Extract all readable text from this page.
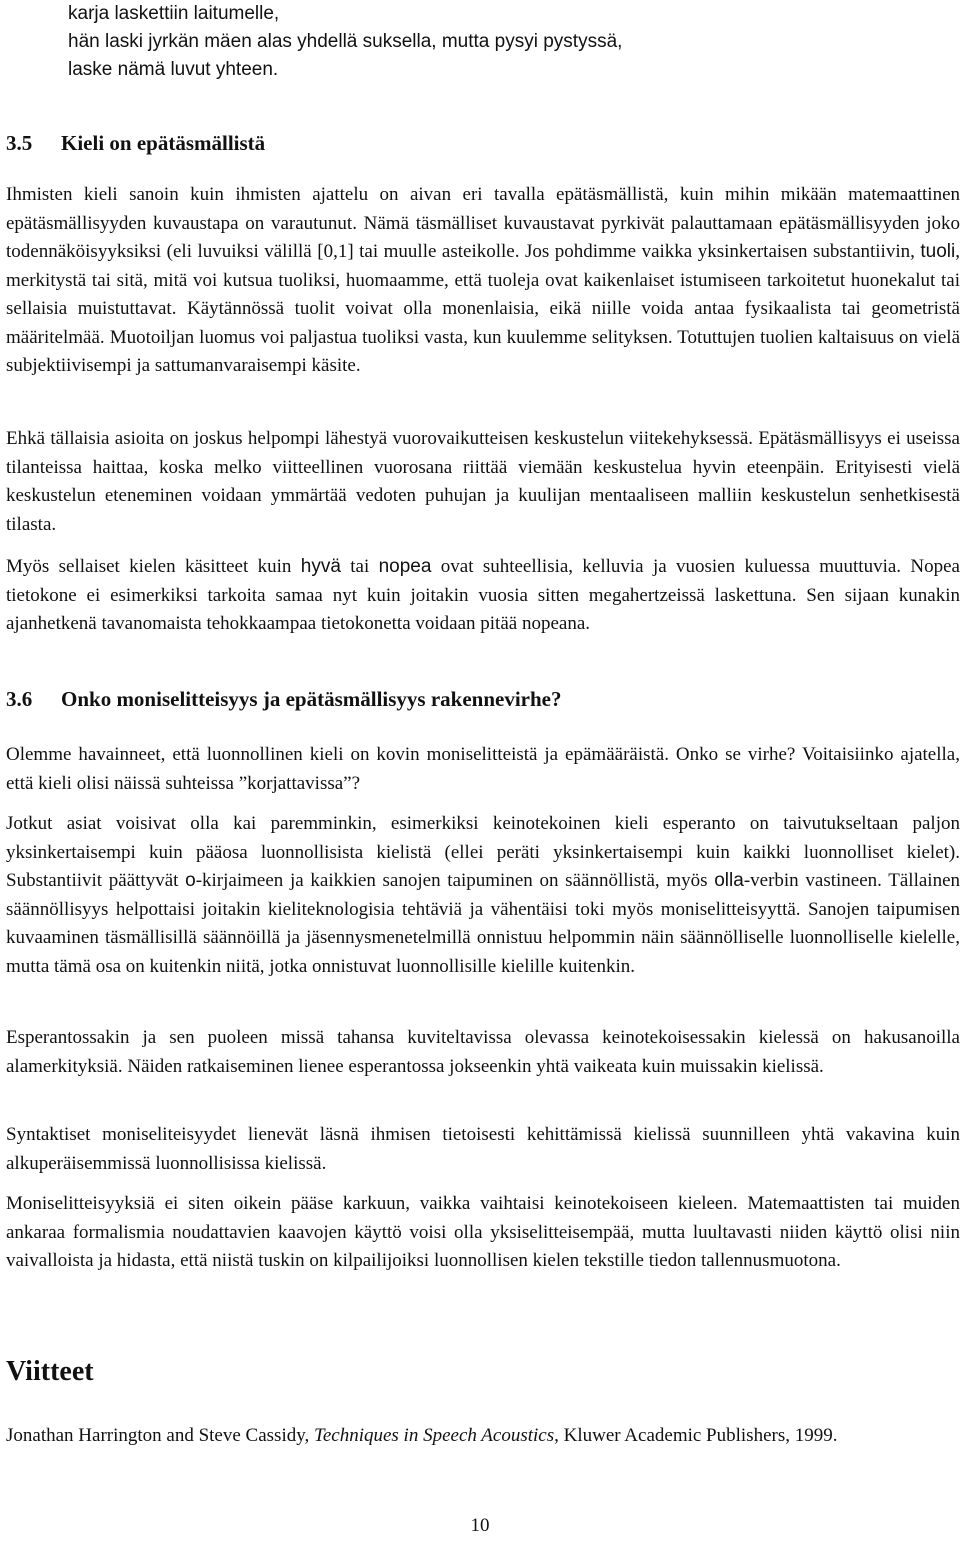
karja laskettiin laitumelle,
hän laski jyrkän mäen alas yhdellä suksella, mutta pysyi pystyssä,
laske nämä luvut yhteen.
3.5 Kieli on epätäsmällistä

Ihmisten kieli sanoin kuin ihmisten ajattelu on aivan eri tavalla epätäsmällistä, kuin mihin mikään matemaattinen epätäsmällisyyden kuvaustapa on varautunut. Nämä täsmälliset kuvaustavat pyrkivät palauttamaan epätäsmällisyyden joko todennäköisyyksiksi (eli luvuiksi välillä [0,1] tai muulle asteikolle. Jos pohdimme vaikka yksinkertaisen substantiivin, tuoli, merkitystä tai sitä, mitä voi kutsua tuoliksi, huomaamme, että tuoleja ovat kaikenlaiset istumiseen tarkoitetut huonekalut tai sellaisia muistuttavat. Käytännössä tuolit voivat olla monenlaisia, eikä niille voida antaa fysikaalista tai geometristä määritelmää. Muotoiljan luomus voi paljastua tuoliksi vasta, kun kuulemme selityksen. Totuttujen tuolien kaltaisuus on vielä subjektiivisempi ja sattumanvaraisempi käsite.

Ehkä tällaisia asioita on joskus helpompi lähestyä vuorovaikutteisen keskustelun viitekehyksessä. Epätäsmällisyys ei useissa tilanteissa haittaa, koska melko viitteellinen vuorosana riittää viemään keskustelua hyvin eteenpäin. Erityisesti vielä keskustelun eteneminen voidaan ymmärtää vedoten puhujan ja kuulijan mentaaliseen malliin keskustelun senhetkisestä tilasta.

Myös sellaiset kielen käsitteet kuin hyvä tai nopea ovat suhteellisia, kelluvia ja vuosien kuluessa muuttuvia. Nopea tietokone ei esimerkiksi tarkoita samaa nyt kuin joitakin vuosia sitten megahertzeissä laskettuna. Sen sijaan kunakin ajanhetkenä tavanomaista tehokkaampaa tietokonetta voidaan pitää nopeana.

3.6 Onko moniselitteisyys ja epätäsmällisyys rakennevirhe?

Olemme havainneet, että luonnollinen kieli on kovin moniselitteistä ja epämääräistä. Onko se virhe? Voitaisiinko ajatella, että kieli olisi näissä suhteissa ”korjattavissa”?

Jotkut asiat voisivat olla kai paremminkin, esimerkiksi keinotekoinen kieli esperanto on taivutukseltaan paljon yksinkertaisempi kuin pääosa luonnollisista kielistä (ellei peräti yksinkertaisempi kuin kaikki luonnolliset kielet). Substantiivit päättyvät o-kirjaimeen ja kaikkien sanojen taipuminen on säännöllistä, myös olla-verbin vastineen. Tällainen säännöllisyys helpottaisi joitakin kieliteknologisia tehtäviä ja vähentäisi toki myös moniselitteisyyttä. Sanojen taipumisen kuvaaminen täsmällisillä säännöillä ja jäsennysmenetelmillä onnistuu helpommin näin säännölliselle luonnolliselle kielelle, mutta tämä osa on kuitenkin niitä, jotka onnistuvat luonnollisille kielille kuitenkin.

Esperantossakin ja sen puoleen missä tahansa kuviteltavissa olevassa keinotekoisessakin kielessä on hakusanoilla alamerkityksiä. Näiden ratkaiseminen lienee esperantossa jokseenkin yhtä vaikeata kuin muissakin kielissä.

Syntaktiset moniseliteisyydet lienevät läsnä ihmisen tietoisesti kehittämissä kielissä suunnilleen yhtä vakavina kuin alkuperäisemmissä luonnollisissa kielissä.

Moniselitteisyyksiä ei siten oikein pääse karkuun, vaikka vaihtaisi keinotekoiseen kieleen. Matemaattisten tai muiden ankaraa formalismia noudattavien kaavojen käyttö voisi olla yksiselitteisempää, mutta luultavasti niiden käyttö olisi niin vaivalloista ja hidasta, että niistä tuskin on kilpailijoiksi luonnollisen kielen tekstille tiedon tallennusmuotona.

Viitteet

Jonathan Harrington and Steve Cassidy, Techniques in Speech Acoustics, Kluwer Academic Publishers, 1999.

10
